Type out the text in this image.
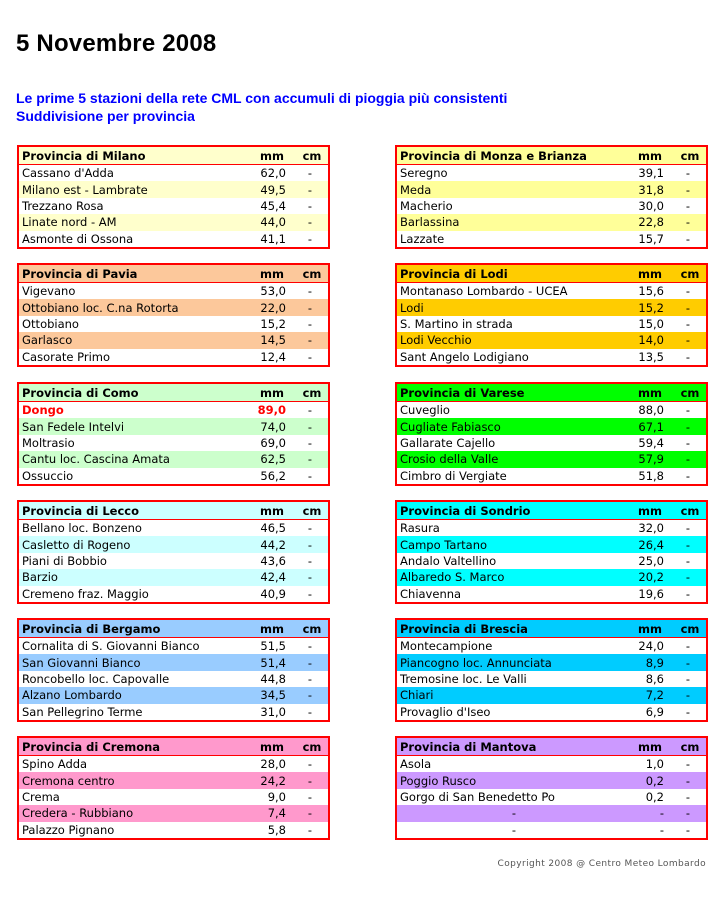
5 Novembre 2008
Le prime 5 stazioni della rete CML con accumuli di pioggia più consistenti
Suddivisione per provincia
Provincia di Milano	mm	cm
Cassano d'Adda	62,0	-
Milano est - Lambrate	49,5	-
Trezzano Rosa	45,4	-
Linate nord - AM	44,0	-
Asmonte di Ossona	41,1	-
Provincia di Pavia	mm	cm
Vigevano	53,0	-
Ottobiano loc. C.na Rotorta	22,0	-
Ottobiano	15,2	-
Garlasco	14,5	-
Casorate Primo	12,4	-
Provincia di Como	mm	cm
Dongo	89,0	-
San Fedele Intelvi	74,0	-
Moltrasio	69,0	-
Cantu loc. Cascina Amata	62,5	-
Ossuccio	56,2	-
Provincia di Lecco	mm	cm
Bellano loc. Bonzeno	46,5	-
Casletto di Rogeno	44,2	-
Piani di Bobbio	43,6	-
Barzio	42,4	-
Cremeno fraz. Maggio	40,9	-
Provincia di Bergamo	mm	cm
Cornalita di S. Giovanni Bianco	51,5	-
San Giovanni Bianco	51,4	-
Roncobello loc. Capovalle	44,8	-
Alzano Lombardo	34,5	-
San Pellegrino Terme	31,0	-
Provincia di Cremona	mm	cm
Spino Adda	28,0	-
Cremona centro	24,2	-
Crema	9,0	-
Credera - Rubbiano	7,4	-
Palazzo Pignano	5,8	-
Provincia di Monza e Brianza	mm	cm
Seregno	39,1	-
Meda	31,8	-
Macherio	30,0	-
Barlassina	22,8	-
Lazzate	15,7	-
Provincia di Lodi	mm	cm
Montanaso Lombardo - UCEA	15,6	-
Lodi	15,2	-
S. Martino in strada	15,0	-
Lodi Vecchio	14,0	-
Sant Angelo Lodigiano	13,5	-
Provincia di Varese	mm	cm
Cuveglio	88,0	-
Cugliate Fabiasco	67,1	-
Gallarate Cajello	59,4	-
Crosio della Valle	57,9	-
Cimbro di Vergiate	51,8	-
Provincia di Sondrio	mm	cm
Rasura	32,0	-
Campo Tartano	26,4	-
Andalo Valtellino	25,0	-
Albaredo S. Marco	20,2	-
Chiavenna	19,6	-
Provincia di Brescia	mm	cm
Montecampione	24,0	-
Piancogno loc. Annunciata	8,9	-
Tremosine loc. Le Valli	8,6	-
Chiari	7,2	-
Provaglio d'Iseo	6,9	-
Provincia di Mantova	mm	cm
Asola	1,0	-
Poggio Rusco	0,2	-
Gorgo di San Benedetto Po	0,2	-
-	-	-
-	-	-
Copyright 2008 @ Centro Meteo Lombardo
